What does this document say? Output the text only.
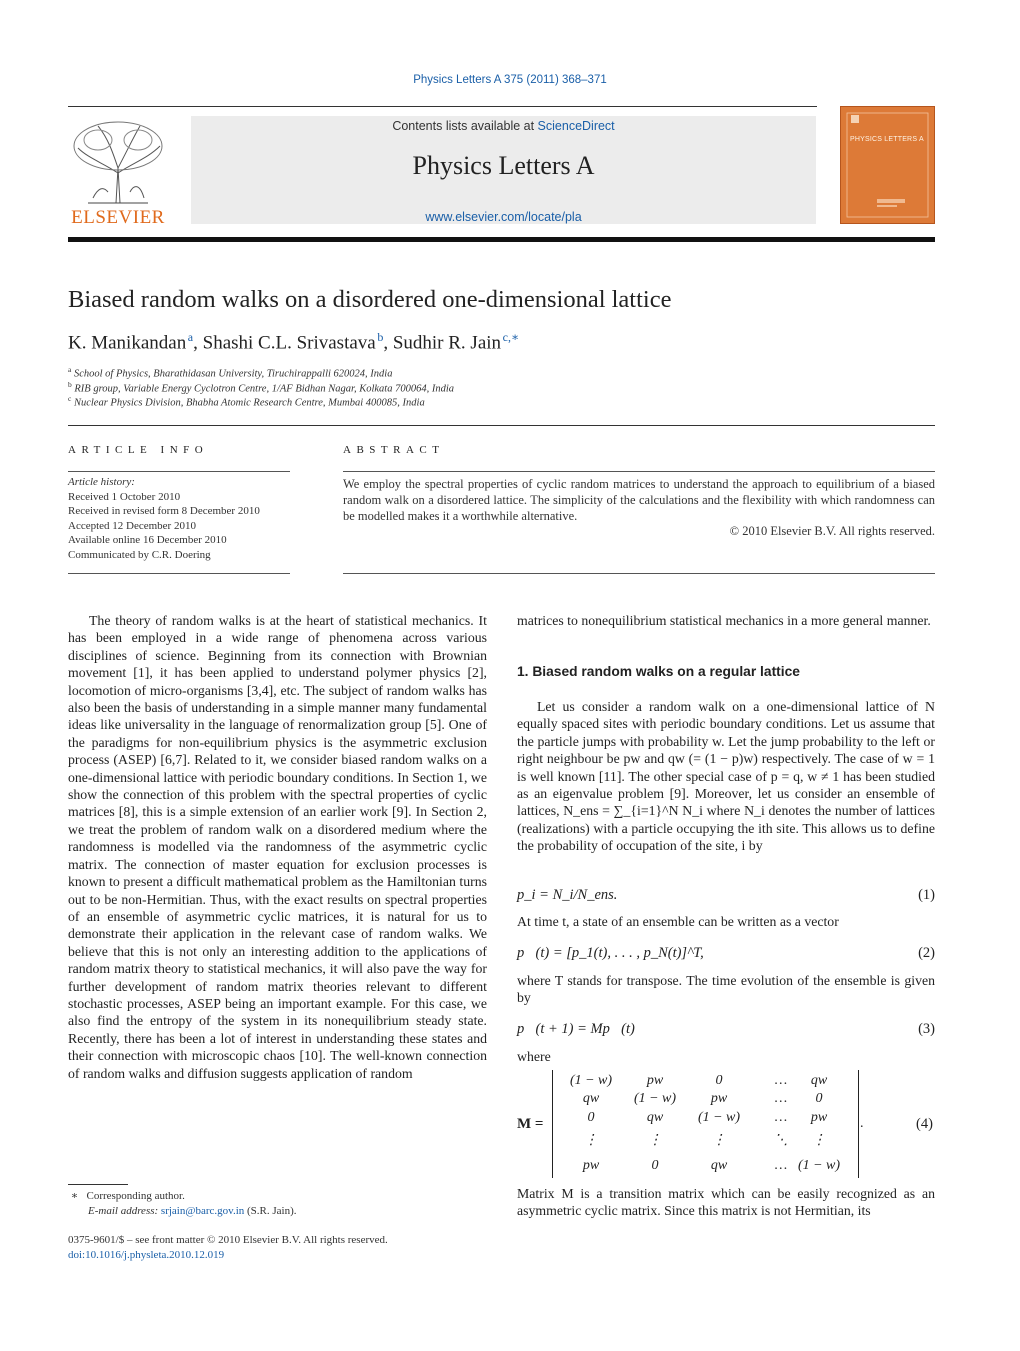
Physics Letters A 375 (2011) 368–371
ELSEVIER
Contents lists available at ScienceDirect
Physics Letters A
www.elsevier.com/locate/pla
PHYSICS LETTERS A
Biased random walks on a disordered one-dimensional lattice
K. Manikandan  $^a$, Shashi C.L. Srivastava  $^b$, Sudhir R. Jain  $^{c,∗}$
$^a$ School of Physics, Bharathidasan University, Tiruchirappalli 620024, India
$^b$ RIB group, Variable Energy Cyclotron Centre, 1/AF Bidhan Nagar, Kolkata 700064, India
$^c$ Nuclear Physics Division, Bhabha Atomic Research Centre, Mumbai 400085, India
ARTICLE INFO	ABSTRACT
Article history:
Received 1 October 2010
Received in revised form 8 December 2010
Accepted 12 December 2010
Available online 16 December 2010
Communicated by C.R. Doering
We employ the spectral properties of cyclic random matrices to understand the approach to equilibrium of a biased random walk on a disordered lattice. The simplicity of the calculations and the flexibility with which randomness can be modelled makes it a worthwhile alternative.
© 2010 Elsevier B.V. All rights reserved.
The theory of random walks is at the heart of statistical mechanics. It has been employed in a wide range of phenomena across various disciplines of science. Beginning from its connection with Brownian movement [1], it has been applied to understand polymer physics [2], locomotion of micro-organisms [3,4], etc. The subject of random walks has also been the basis of understanding in a simple manner many fundamental ideas like universality in the language of renormalization group [5]. One of the paradigms for non-equilibrium physics is the asymmetric exclusion process (ASEP) [6,7]. Related to it, we consider biased random walks on a one-dimensional lattice with periodic boundary conditions. In Section 1, we show the connection of this problem with the spectral properties of cyclic matrices [8], this is a simple extension of an earlier work [9]. In Section 2, we treat the problem of random walk on a disordered medium where the randomness is modelled via the randomness of the asymmetric cyclic matrix. The connection of master equation for exclusion processes is known to present a difficult mathematical problem as the Hamiltonian turns out to be non-Hermitian. Thus, with the exact results on spectral properties of an ensemble of asymmetric cyclic matrices, it is natural for us to demonstrate their application in the relevant case of random walks. We believe that this is not only an interesting addition to the applications of random matrix theory to statistical mechanics, it will also pave the way for further development of random matrix theories relevant to different stochastic processes, ASEP being an important example. For this case, we also find the entropy of the system in its nonequilibrium steady state. Recently, there has been a lot of interest in understanding these states and their connection with microscopic chaos [10]. The well-known connection of random walks and diffusion suggests application of random
matrices to nonequilibrium statistical mechanics in a more general manner.
1. Biased random walks on a regular lattice
Let us consider a random walk on a one-dimensional lattice of N equally spaced sites with periodic boundary conditions. Let us assume that the particle jumps with probability w. Let the jump probability to the left or right neighbour be pw and qw (= (1 − p)w) respectively. The case of w = 1 is well known [11]. The other special case of p = q, w ≠ 1 has been studied as an eigenvalue problem [9]. Moreover, let us consider an ensemble of lattices, N_ens = ∑_{i=1}^N N_i where N_i denotes the number of lattices (realizations) with a particle occupying the ith site. This allows us to define the probability of occupation of the site, i by
p_i = N_i/N_ens.	(1)
At time t, a state of an ensemble can be written as a vector
p⃗(t) = [p_1(t), . . . , p_N(t)]^T,	(2)
where T stands for transpose. The time evolution of the ensemble is given by
p⃗(t + 1) = Mp⃗(t)	(3)
where
M =
(1 − w)	pw	0	…	qw
qw	(1 − w)	pw	…	0
0	qw	(1 − w)	…	pw
⋮	⋮	⋮	⋱	⋮
pw	0	qw	… (1 − w)
.	(4)
Matrix M is a transition matrix which can be easily recognized as an asymmetric cyclic matrix. Since this matrix is not Hermitian, its
∗   Corresponding author.
E-mail address: srjain@barc.gov.in (S.R. Jain).
0375-9601/$ – see front matter © 2010 Elsevier B.V. All rights reserved.
doi:10.1016/j.physleta.2010.12.019
